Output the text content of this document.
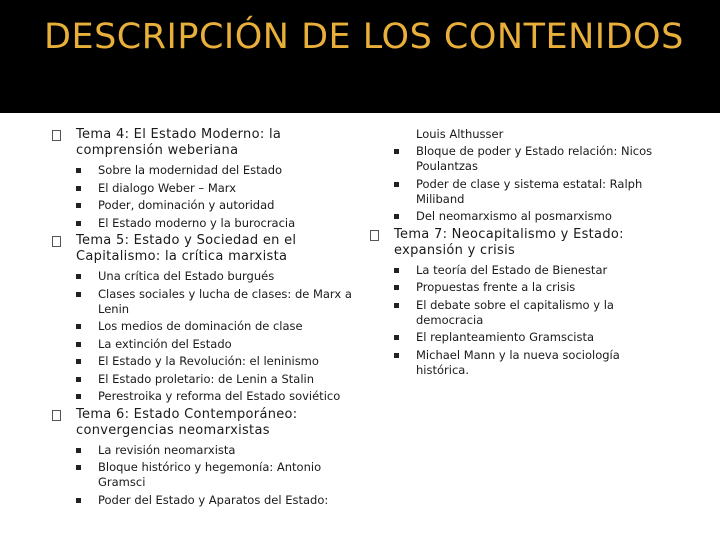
DESCRIPCIÓN DE LOS CONTENIDOS

Tema 4: El Estado Moderno: la comprensión weberiana

Sobre la modernidad del Estado
El dialogo Weber – Marx
Poder, dominación y autoridad
El Estado moderno y la burocracia

Tema 5: Estado y Sociedad en el Capitalismo: la crítica marxista

Una crítica del Estado burgués
Clases sociales y lucha de clases: de Marx a Lenin
Los medios de dominación de clase
La extinción del Estado
El Estado y la Revolución: el leninismo
El Estado proletario: de Lenin a Stalin
Perestroika y reforma del Estado soviético

Tema 6: Estado Contemporáneo: convergencias neomarxistas

La revisión neomarxista
Bloque histórico y hegemonía: Antonio Gramsci
Poder del Estado y Aparatos del Estado:

Louis Althusser

Bloque de poder y Estado relación: Nicos Poulantzas
Poder de clase y sistema estatal: Ralph Miliband
Del neomarxismo al posmarxismo

Tema 7: Neocapitalismo y Estado: expansión y crisis

La teoría del Estado de Bienestar
Propuestas frente a la crisis
El debate sobre el capitalismo y la democracia
El replanteamiento Gramscista
Michael Mann y la nueva sociología histórica.
